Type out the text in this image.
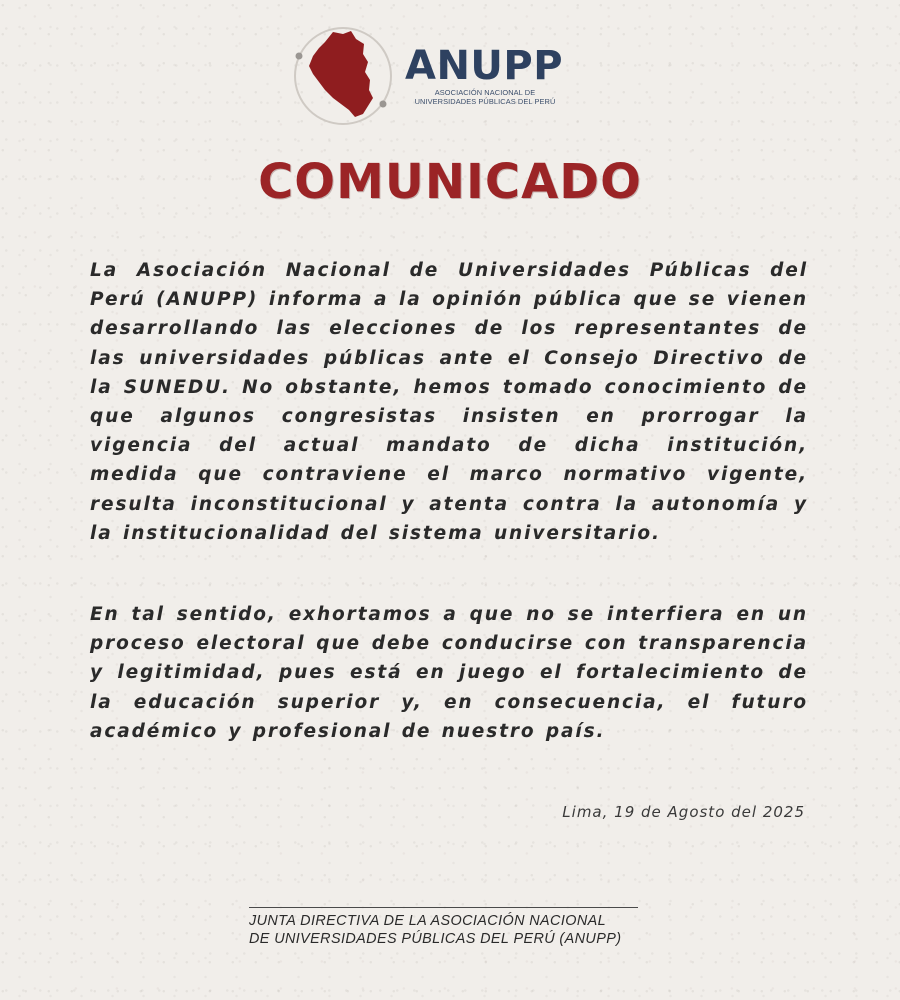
ANUPP
ASOCIACIÓN NACIONAL DE
UNIVERSIDADES PÚBLICAS DEL PERÚ
COMUNICADO

La Asociación Nacional de Universidades Públicas del Perú (ANUPP) informa a la opinión pública que se vienen desarrollando las elecciones de los representantes de las universidades públicas ante el Consejo Directivo de la SUNEDU. No obstante, hemos tomado conocimiento de que algunos congresistas insisten en prorrogar la vigencia del actual mandato de dicha institución, medida que contraviene el marco normativo vigente, resulta inconstitucional y atenta contra la autonomía y la institucionalidad del sistema universitario.

En tal sentido, exhortamos a que no se interfiera en un proceso electoral que debe conducirse con transparencia y legitimidad, pues está en juego el fortalecimiento de la educación superior y, en consecuencia, el futuro académico y profesional de nuestro país.

Lima, 19 de Agosto del 2025
JUNTA DIRECTIVA DE LA ASOCIACIÓN NACIONAL
DE UNIVERSIDADES PÚBLICAS DEL PERÚ (ANUPP)
